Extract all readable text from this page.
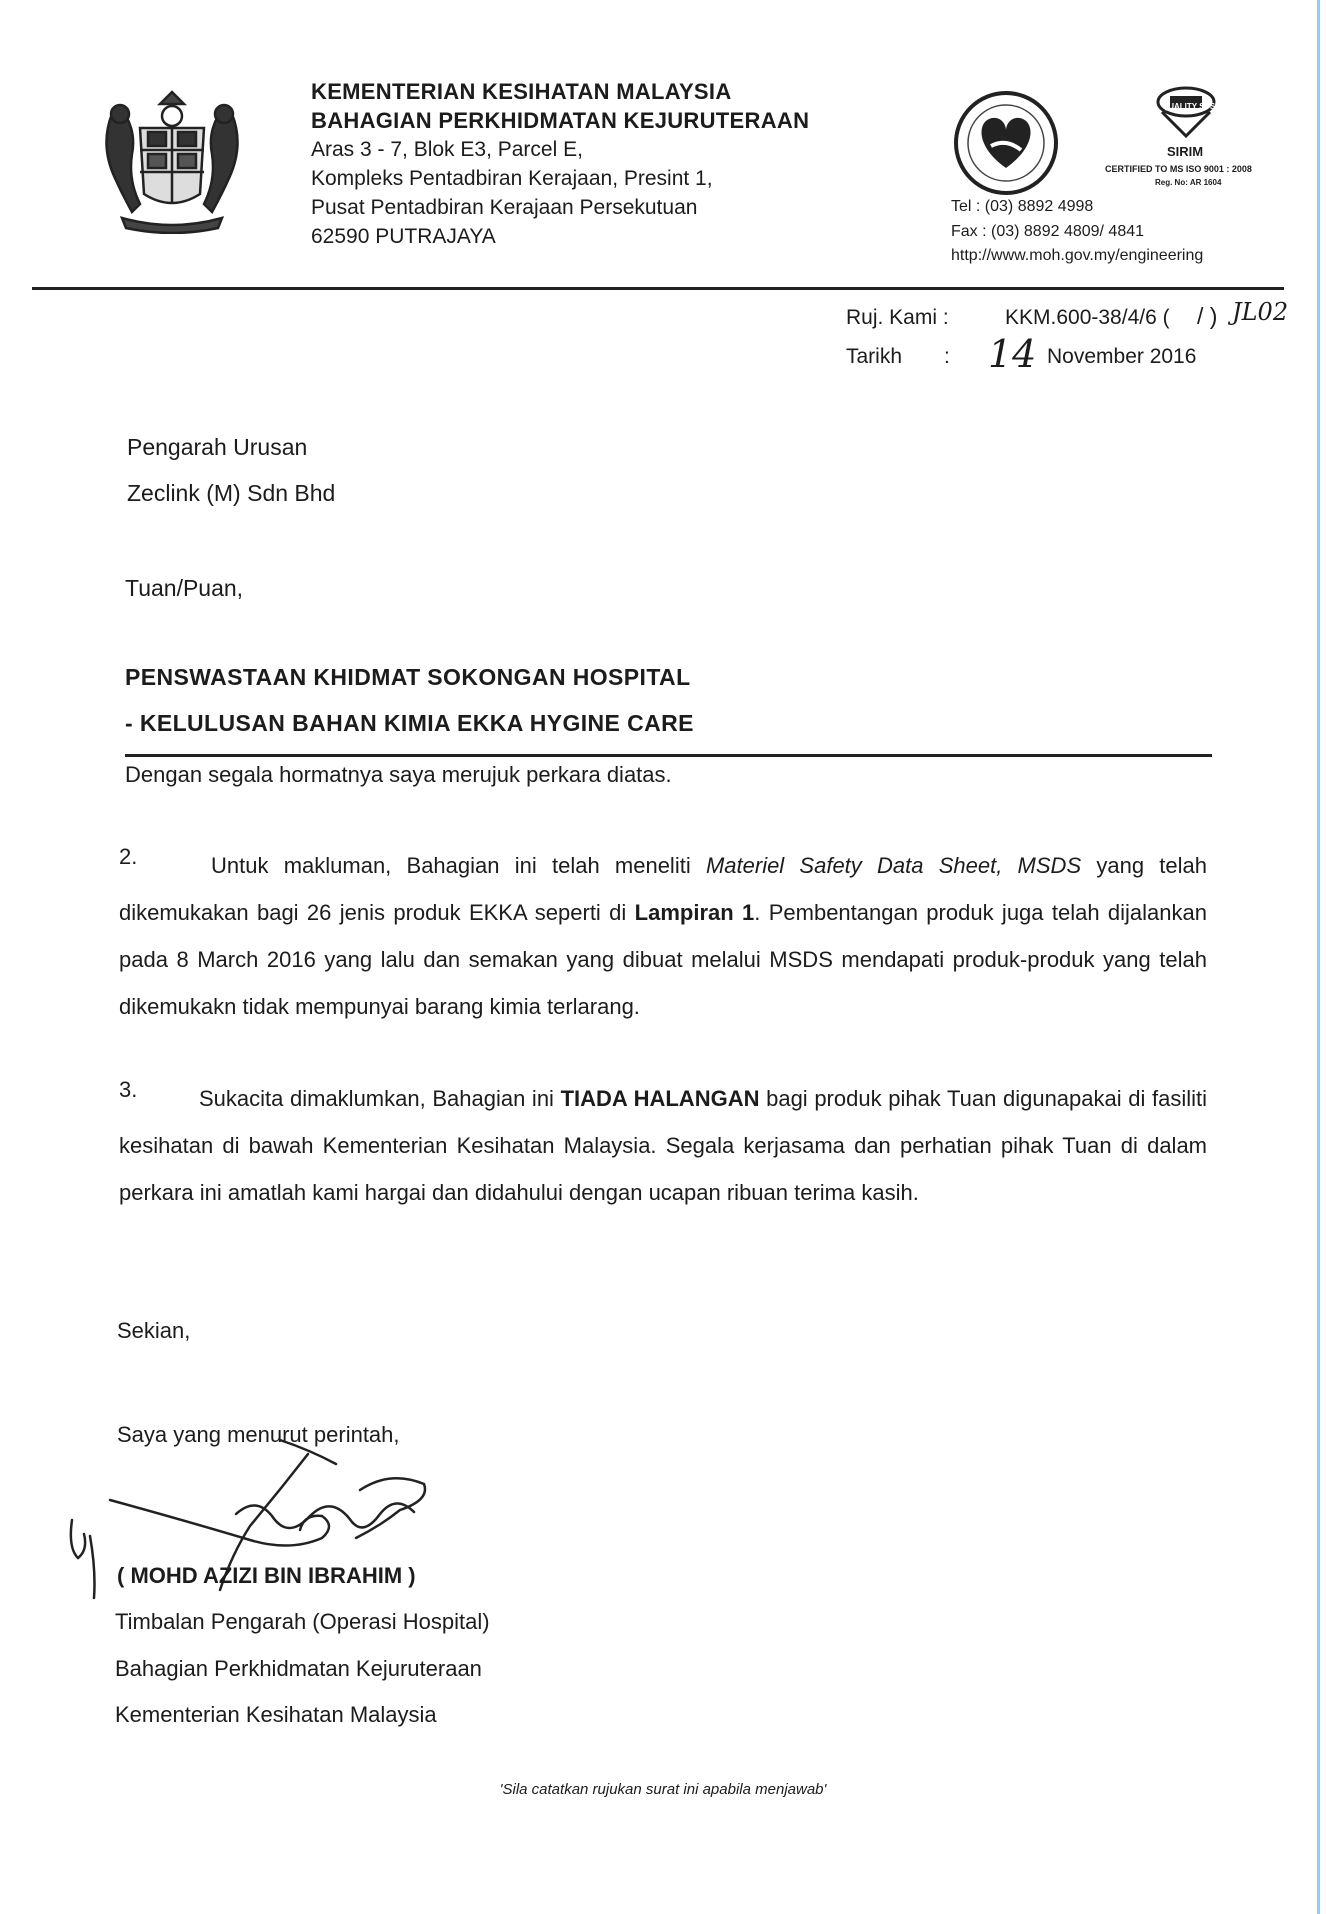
KEMENTERIAN KESIHATAN MALAYSIA
BAHAGIAN PERKHIDMATAN KEJURUTERAAN
Aras 3 - 7, Blok E3, Parcel E,
Kompleks Pentadbiran Kerajaan, Presint 1,
Pusat Pentadbiran Kerajaan Persekutuan
62590 PUTRAJAYA
QUALITY SYSTEM
SIRIM
CERTIFIED TO MS ISO 9001 : 2008
Reg. No: AR 1604
Tel : (03) 8892 4998
Fax : (03) 8892 4809/ 4841
http://www.moh.gov.my/engineering
Ruj. Kami :	KKM.600-38/4/6 ( / ) JL02
Tarikh : 14 November 2016
Pengarah Urusan
Zeclink (M) Sdn Bhd
Tuan/Puan,
PENSWASTAAN KHIDMAT SOKONGAN HOSPITAL
- KELULUSAN BAHAN KIMIA EKKA HYGINE CARE
Dengan segala hormatnya saya merujuk perkara diatas.
2.	Untuk makluman, Bahagian ini telah meneliti Materiel Safety Data Sheet, MSDS yang telah dikemukakan bagi 26 jenis produk EKKA seperti di Lampiran 1. Pembentangan produk juga telah dijalankan pada 8 March 2016 yang lalu dan semakan yang dibuat melalui MSDS mendapati produk-produk yang telah dikemukakn tidak mempunyai barang kimia terlarang.
3.	Sukacita dimaklumkan, Bahagian ini TIADA HALANGAN bagi produk pihak Tuan digunapakai di fasiliti kesihatan di bawah Kementerian Kesihatan Malaysia. Segala kerjasama dan perhatian pihak Tuan di dalam perkara ini amatlah kami hargai dan didahului dengan ucapan ribuan terima kasih.
Sekian,
Saya yang menurut perintah,
( MOHD AZIZI BIN IBRAHIM )
Timbalan Pengarah (Operasi Hospital)
Bahagian Perkhidmatan Kejuruteraan
Kementerian Kesihatan Malaysia
'Sila catatkan rujukan surat ini apabila menjawab'
